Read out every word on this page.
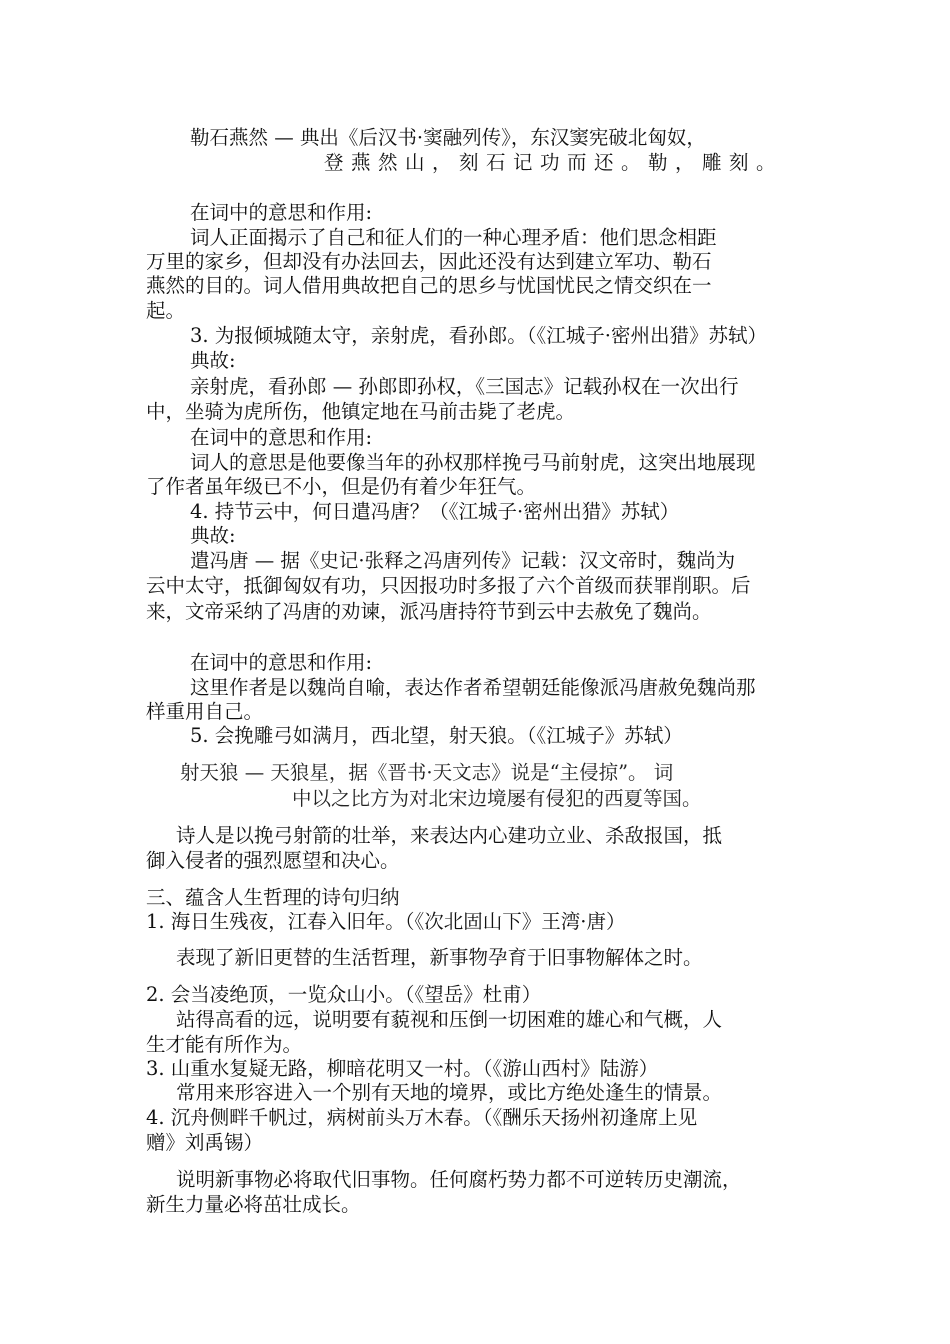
勒石燕然 — 典出《后汉书·窦融列传》，东汉窦宪破北匈奴，
登燕然山，刻石记功而还。勒，雕刻。
在词中的意思和作用:
词人正面揭示了自己和征人们的一种心理矛盾：他们思念相距
万里的家乡，但却没有办法回去，因此还没有达到建立军功、勒石
燕然的目的。词人借用典故把自己的思乡与忧国忧民之情交织在一
起。
3. 为报倾城随太守，亲射虎，看孙郎。（《江城子·密州出猎》苏轼）
典故:
亲射虎，看孙郎 — 孙郎即孙权，《三国志》记载孙权在一次出行
中，坐骑为虎所伤，他镇定地在马前击毙了老虎。
在词中的意思和作用:
词人的意思是他要像当年的孙权那样挽弓马前射虎，这突出地展现
了作者虽年级已不小，但是仍有着少年狂气。
4. 持节云中，何日遣冯唐？（《江城子·密州出猎》苏轼）
典故:
遣冯唐 — 据《史记·张释之冯唐列传》记载：汉文帝时，魏尚为
云中太守，抵御匈奴有功，只因报功时多报了六个首级而获罪削职。后
来，文帝采纳了冯唐的劝谏，派冯唐持符节到云中去赦免了魏尚。
在词中的意思和作用:
这里作者是以魏尚自喻，表达作者希望朝廷能像派冯唐赦免魏尚那
样重用自己。
5. 会挽雕弓如满月，西北望，射天狼。（《江城子》苏轼）
射天狼 — 天狼星，据《晋书·天文志》说是“主侵掠”。 词
中以之比方为对北宋边境屡有侵犯的西夏等国。
诗人是以挽弓射箭的壮举，来表达内心建功立业、杀敌报国，抵
御入侵者的强烈愿望和决心。
三、蕴含人生哲理的诗句归纳
1. 海日生残夜，江春入旧年。（《次北固山下》王湾·唐）
表现了新旧更替的生活哲理，新事物孕育于旧事物解体之时。
2. 会当凌绝顶，一览众山小。（《望岳》杜甫）
站得高看的远，说明要有藐视和压倒一切困难的雄心和气概，人
生才能有所作为。
3. 山重水复疑无路，柳暗花明又一村。（《游山西村》陆游）
常用来形容进入一个别有天地的境界，或比方绝处逢生的情景。
4. 沉舟侧畔千帆过，病树前头万木春。（《酬乐天扬州初逢席上见
赠》刘禹锡）
说明新事物必将取代旧事物。任何腐朽势力都不可逆转历史潮流，
新生力量必将茁壮成长。
